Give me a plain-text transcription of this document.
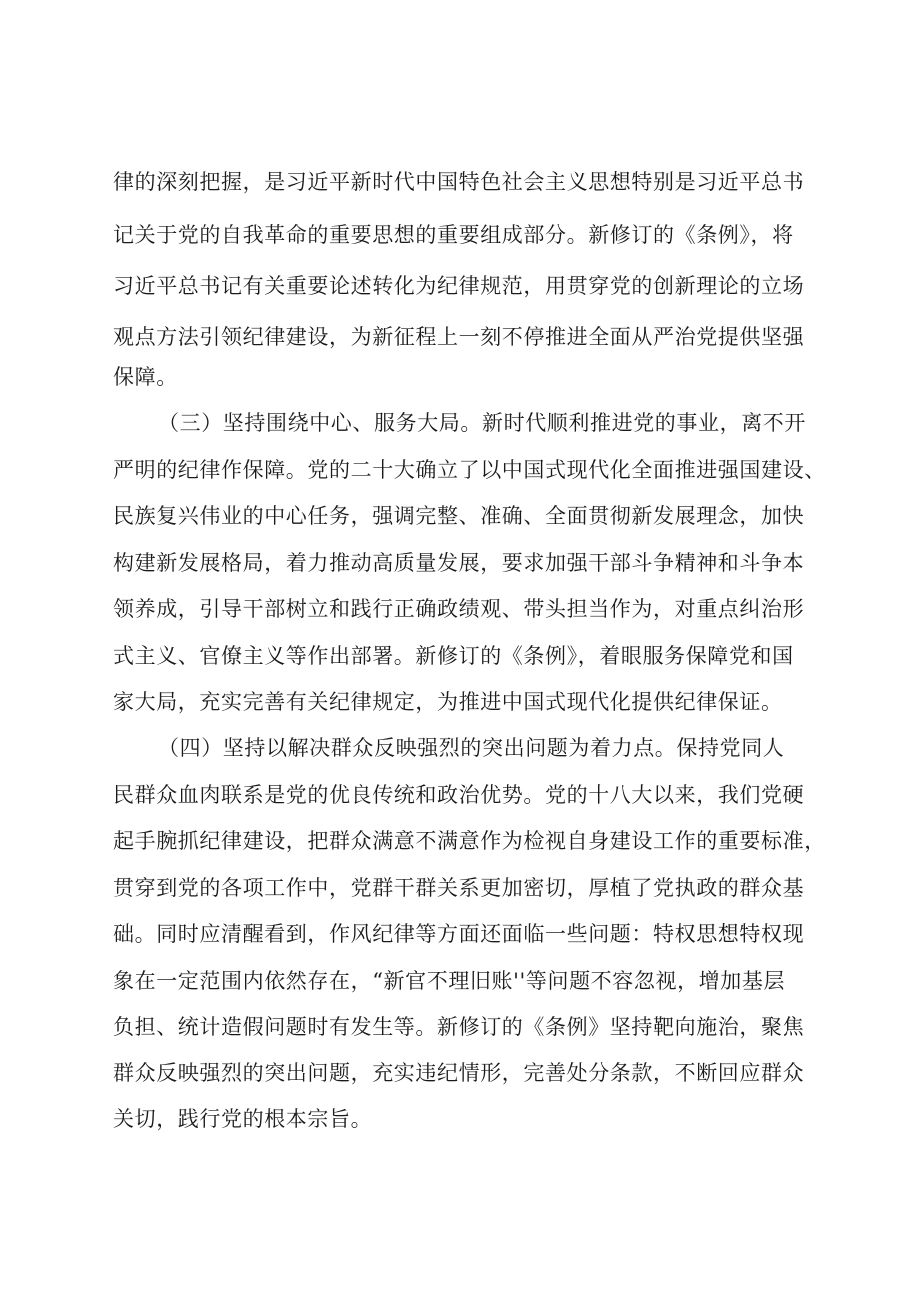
律的深刻把握，是习近平新时代中国特色社会主义思想特别是习近平总书
记关于党的自我革命的重要思想的重要组成部分。新修订的《条例》，将
习近平总书记有关重要论述转化为纪律规范，用贯穿党的创新理论的立场
观点方法引领纪律建设，为新征程上一刻不停推进全面从严治党提供坚强
保障。
（三）坚持围绕中心、服务大局。新时代顺利推进党的事业，离不开
严明的纪律作保障。党的二十大确立了以中国式现代化全面推进强国建设、
民族复兴伟业的中心任务，强调完整、准确、全面贯彻新发展理念，加快
构建新发展格局，着力推动高质量发展，要求加强干部斗争精神和斗争本
领养成，引导干部树立和践行正确政绩观、带头担当作为，对重点纠治形
式主义、官僚主义等作出部署。新修订的《条例》，着眼服务保障党和国
家大局，充实完善有关纪律规定，为推进中国式现代化提供纪律保证。
（四）坚持以解决群众反映强烈的突出问题为着力点。保持党同人
民群众血肉联系是党的优良传统和政治优势。党的十八大以来，我们党硬
起手腕抓纪律建设，把群众满意不满意作为检视自身建设工作的重要标准，
贯穿到党的各项工作中，党群干群关系更加密切，厚植了党执政的群众基
础。同时应清醒看到，作风纪律等方面还面临一些问题：特权思想特权现
象在一定范围内依然存在，“新官不理旧账''等问题不容忽视，增加基层
负担、统计造假问题时有发生等。新修订的《条例》坚持靶向施治，聚焦
群众反映强烈的突出问题，充实违纪情形，完善处分条款，不断回应群众
关切，践行党的根本宗旨。
